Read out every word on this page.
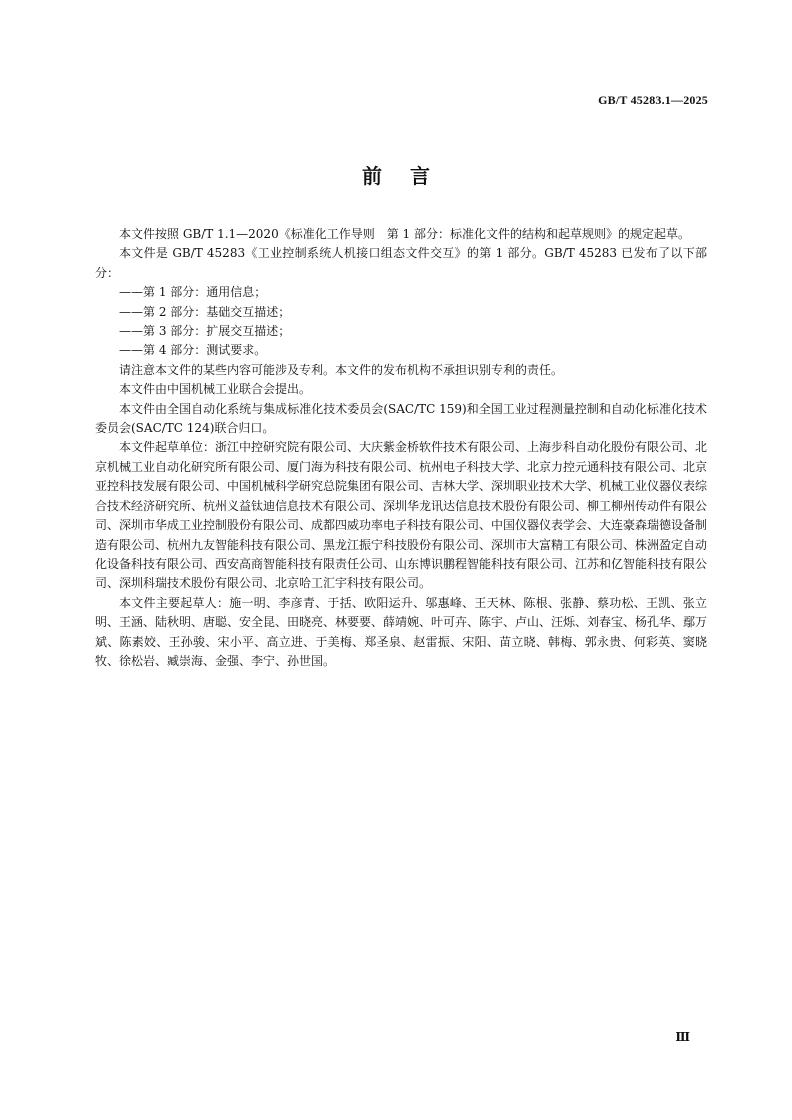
GB/T 45283.1—2025
前言

本文件按照 GB/T 1.1—2020《标准化工作导则　第 1 部分：标准化文件的结构和起草规则》的规定起草。

本文件是 GB/T 45283《工业控制系统人机接口组态文件交互》的第 1 部分。GB/T 45283 已发布了以下部分：

——第 1 部分：通用信息；

——第 2 部分：基础交互描述；

——第 3 部分：扩展交互描述；

——第 4 部分：测试要求。

请注意本文件的某些内容可能涉及专利。本文件的发布机构不承担识别专利的责任。

本文件由中国机械工业联合会提出。

本文件由全国自动化系统与集成标准化技术委员会(SAC/TC 159)和全国工业过程测量控制和自动化标准化技术委员会(SAC/TC 124)联合归口。

本文件起草单位：浙江中控研究院有限公司、大庆紫金桥软件技术有限公司、上海步科自动化股份有限公司、北京机械工业自动化研究所有限公司、厦门海为科技有限公司、杭州电子科技大学、北京力控元通科技有限公司、北京亚控科技发展有限公司、中国机械科学研究总院集团有限公司、吉林大学、深圳职业技术大学、机械工业仪器仪表综合技术经济研究所、杭州义益钛迪信息技术有限公司、深圳华龙讯达信息技术股份有限公司、柳工柳州传动件有限公司、深圳市华成工业控制股份有限公司、成都四威功率电子科技有限公司、中国仪器仪表学会、大连豪森瑞德设备制造有限公司、杭州九友智能科技有限公司、黑龙江振宁科技股份有限公司、深圳市大富精工有限公司、株洲盈定自动化设备科技有限公司、西安高商智能科技有限责任公司、山东博识鹏程智能科技有限公司、江苏和亿智能科技有限公司、深圳科瑞技术股份有限公司、北京哈工汇宇科技有限公司。

本文件主要起草人：施一明、李彦青、于括、欧阳运升、邬惠峰、王天林、陈根、张静、蔡功松、王凯、张立明、王涵、陆秋明、唐聪、安全昆、田晓亮、林要要、薛靖婉、叶可卉、陈宇、卢山、汪烁、刘春宝、杨孔华、鄢万斌、陈素姣、王孙骏、宋小平、高立进、于美梅、郑圣泉、赵雷振、宋阳、苗立晓、韩梅、郭永贵、何彩英、窦晓牧、徐松岩、臧崇海、金强、李宁、孙世国。

Ⅲ
